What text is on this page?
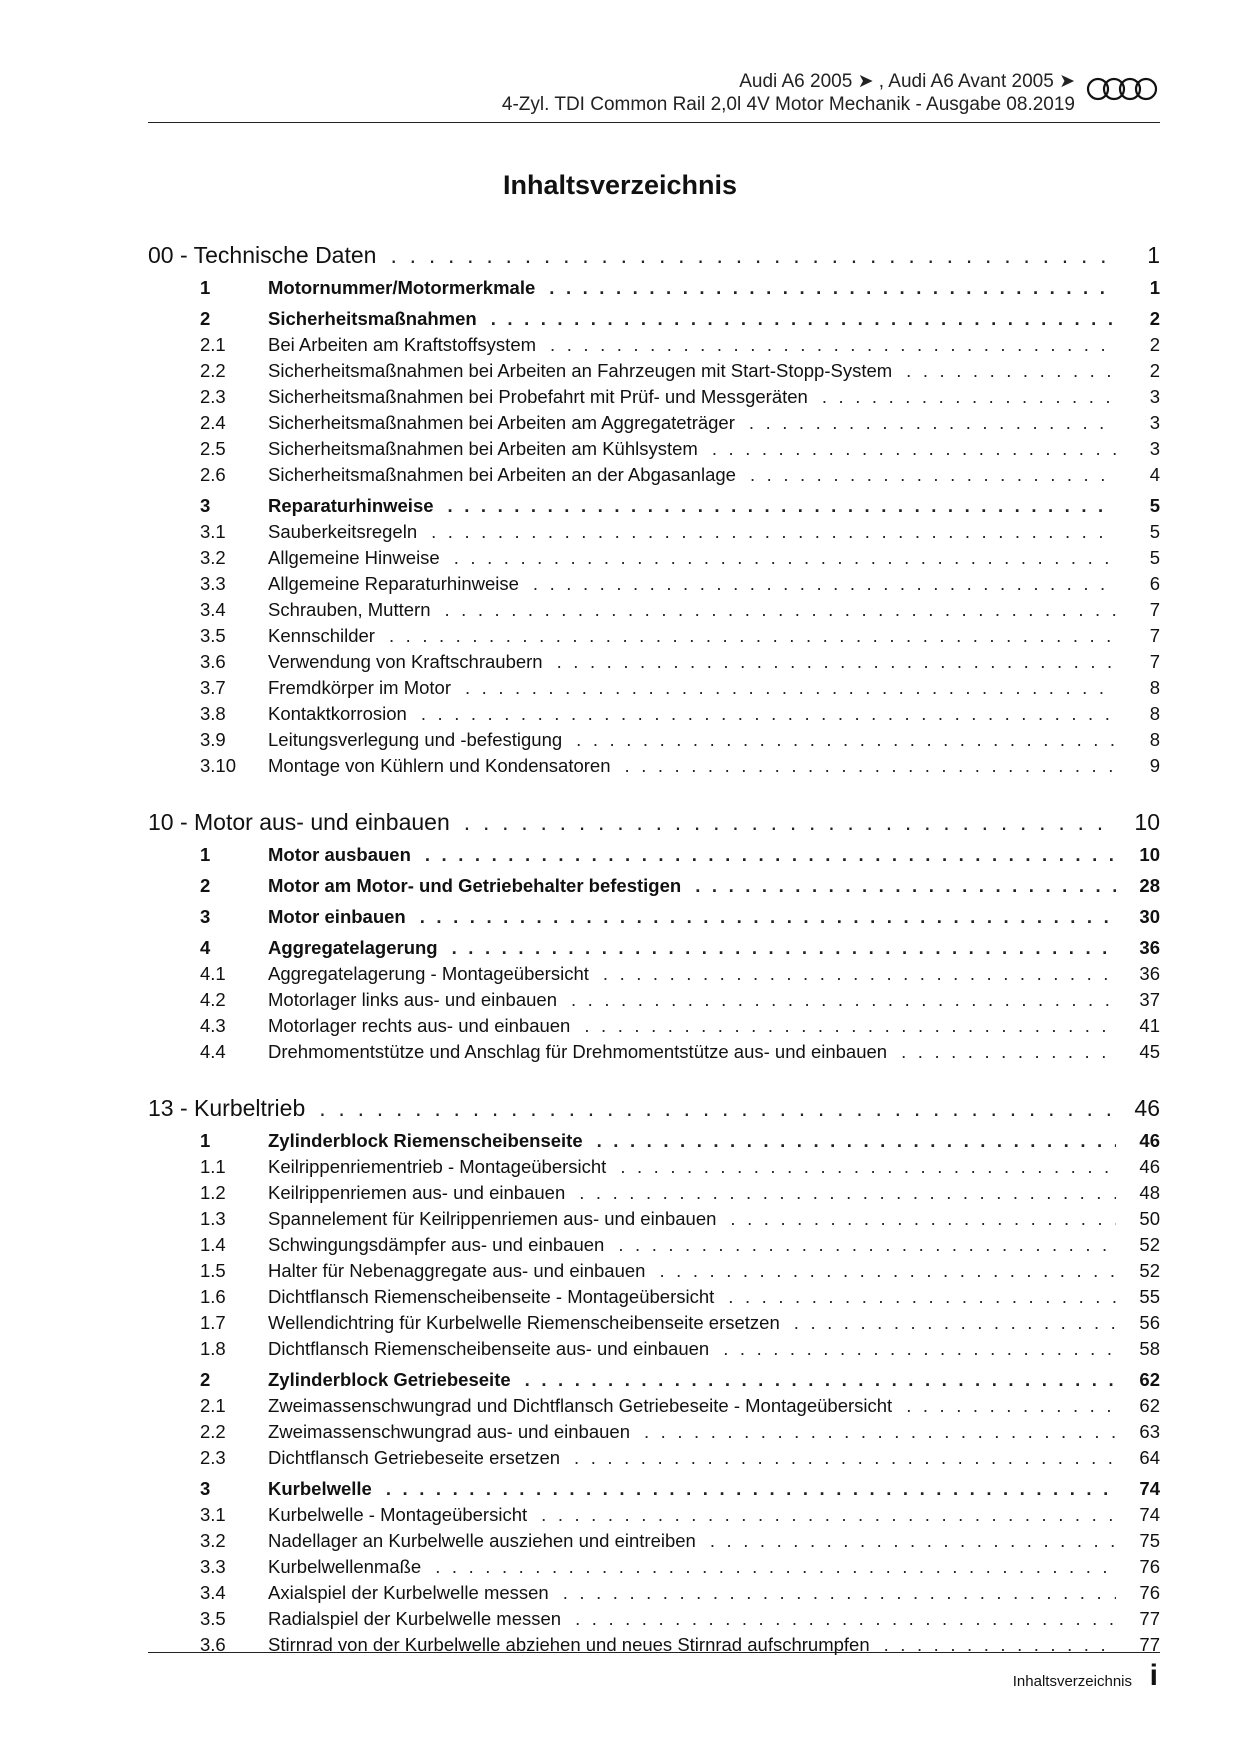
Audi A6 2005 ➤ , Audi A6 Avant 2005 ➤
4-Zyl. TDI Common Rail 2,0l 4V Motor Mechanik - Ausgabe 08.2019
Inhaltsverzeichnis
00 - Technische Daten . . .	1
1	Motornummer/Motormerkmale . . .	1
2	Sicherheitsmaßnahmen . . .	2
2.1	Bei Arbeiten am Kraftstoffsystem . . .	2
2.2	Sicherheitsmaßnahmen bei Arbeiten an Fahrzeugen mit Start-Stopp-System . . .	2
2.3	Sicherheitsmaßnahmen bei Probefahrt mit Prüf- und Messgeräten . . .	3
2.4	Sicherheitsmaßnahmen bei Arbeiten am Aggregateträger . . .	3
2.5	Sicherheitsmaßnahmen bei Arbeiten am Kühlsystem . . .	3
2.6	Sicherheitsmaßnahmen bei Arbeiten an der Abgasanlage . . .	4
3	Reparaturhinweise . . .	5
3.1	Sauberkeitsregeln . . .	5
3.2	Allgemeine Hinweise . . .	5
3.3	Allgemeine Reparaturhinweise . . .	6
3.4	Schrauben, Muttern . . .	7
3.5	Kennschilder . . .	7
3.6	Verwendung von Kraftschraubern . . .	7
3.7	Fremdkörper im Motor . . .	8
3.8	Kontaktkorrosion . . .	8
3.9	Leitungsverlegung und -befestigung . . .	8
3.10	Montage von Kühlern und Kondensatoren . . .	9
10 - Motor aus- und einbauen . . .	10
1	Motor ausbauen . . .	10
2	Motor am Motor- und Getriebehalter befestigen . . .	28
3	Motor einbauen . . .	30
4	Aggregatelagerung . . .	36
4.1	Aggregatelagerung - Montageübersicht . . .	36
4.2	Motorlager links aus- und einbauen . . .	37
4.3	Motorlager rechts aus- und einbauen . . .	41
4.4	Drehmomentstütze und Anschlag für Drehmomentstütze aus- und einbauen . . .	45
13 - Kurbeltrieb . . .	46
1	Zylinderblock Riemenscheibenseite . . .	46
1.1	Keilrippenriementrieb - Montageübersicht . . .	46
1.2	Keilrippenriemen aus- und einbauen . . .	48
1.3	Spannelement für Keilrippenriemen aus- und einbauen . . .	50
1.4	Schwingungsdämpfer aus- und einbauen . . .	52
1.5	Halter für Nebenaggregate aus- und einbauen . . .	52
1.6	Dichtflansch Riemenscheibenseite - Montageübersicht . . .	55
1.7	Wellendichtring für Kurbelwelle Riemenscheibenseite ersetzen . . .	56
1.8	Dichtflansch Riemenscheibenseite aus- und einbauen . . .	58
2	Zylinderblock Getriebeseite . . .	62
2.1	Zweimassenschwungrad und Dichtflansch Getriebeseite - Montageübersicht . . .	62
2.2	Zweimassenschwungrad aus- und einbauen . . .	63
2.3	Dichtflansch Getriebeseite ersetzen . . .	64
3	Kurbelwelle . . .	74
3.1	Kurbelwelle - Montageübersicht . . .	74
3.2	Nadellager an Kurbelwelle ausziehen und eintreiben . . .	75
3.3	Kurbelwellenmaße . . .	76
3.4	Axialspiel der Kurbelwelle messen . . .	76
3.5	Radialspiel der Kurbelwelle messen . . .	77
3.6	Stirnrad von der Kurbelwelle abziehen und neues Stirnrad aufschrumpfen . . .	77
Inhaltsverzeichnis i
